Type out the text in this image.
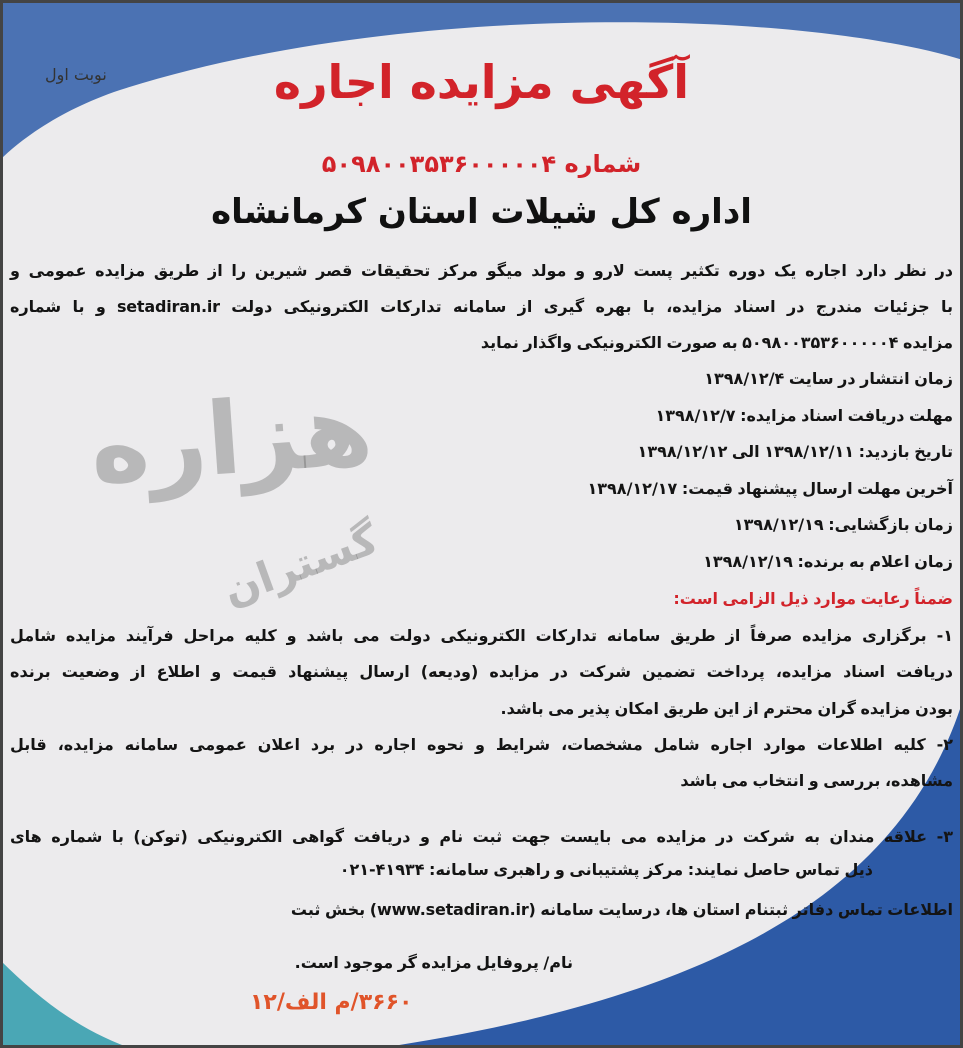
هزاره
گستران
نوبت اول	آگهی مزایده اجاره
شماره ۵۰۹۸۰۰۳۵۳۶۰۰۰۰۰۴
اداره کل شیلات استان کرمانشاه
در نظر دارد اجاره یک دوره تکثیر پست لارو و مولد میگو مرکز تحقیقات قصر شیرین را از طریق مزایده عمومی و
با جزئیات مندرج در اسناد مزایده، با بهره گیری از سامانه تدارکات الکترونیکی دولت setadiran.ir و با شماره
مزایده ۵۰۹۸۰۰۳۵۳۶۰۰۰۰۰۴ به صورت الکترونیکی واگذار نماید
زمان انتشار در سایت ۱۳۹۸/۱۲/۴
مهلت دریافت اسناد مزایده: ۱۳۹۸/۱۲/۷
تاریخ بازدید: ۱۳۹۸/۱۲/۱۱ الی ۱۳۹۸/۱۲/۱۲
آخرین مهلت ارسال پیشنهاد قیمت: ۱۳۹۸/۱۲/۱۷
زمان بازگشایی: ۱۳۹۸/۱۲/۱۹
زمان اعلام به برنده: ۱۳۹۸/۱۲/۱۹
ضمناً رعایت موارد ذیل الزامی است:
۱- برگزاری مزایده صرفاً از طریق سامانه تدارکات الکترونیکی دولت می باشد و کلیه مراحل فرآیند مزایده شامل
دریافت اسناد مزایده، پرداخت تضمین شرکت در مزایده (ودیعه) ارسال پیشنهاد قیمت و اطلاع از وضعیت برنده
بودن مزایده گران محترم از این طریق امکان پذیر می باشد.
۲- کلیه اطلاعات موارد اجاره شامل مشخصات، شرایط و نحوه اجاره در برد اعلان عمومی سامانه مزایده، قابل
مشاهده، بررسی و انتخاب می باشد
۳- علاقه مندان به شرکت در مزایده می بایست جهت ثبت نام و دریافت گواهی الکترونیکی (توکن) با شماره های
ذیل تماس حاصل نمایند: مرکز پشتیبانی و راهبری سامانه: ۴۱۹۳۴-۰۲۱
اطلاعات تماس دفاتر ثبتنام استان ها، درسایت سامانه (www.setadiran.ir) بخش ثبت
نام/ پروفایل مزایده گر موجود است.
۳۶۶۰/م الف/۱۲
